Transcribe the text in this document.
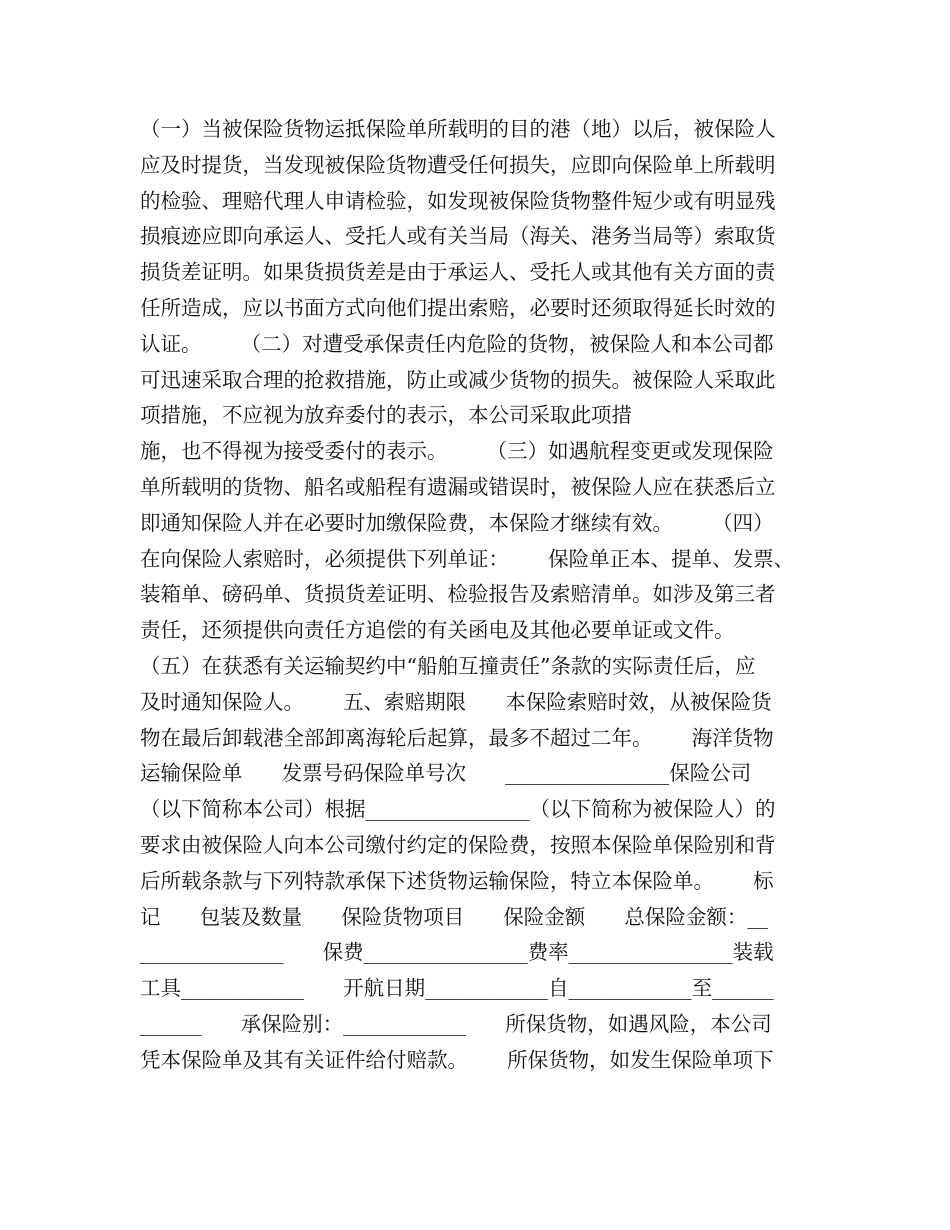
（一）当被保险货物运抵保险单所载明的目的港（地）以后，被保险人
应及时提货，当发现被保险货物遭受任何损失，应即向保险单上所载明
的检验、理赔代理人申请检验，如发现被保险货物整件短少或有明显残
损痕迹应即向承运人、受托人或有关当局（海关、港务当局等）索取货
损货差证明。如果货损货差是由于承运人、受托人或其他有关方面的责
任所造成，应以书面方式向他们提出索赔，必要时还须取得延长时效的
认证。      （二）对遭受承保责任内危险的货物，被保险人和本公司都
可迅速采取合理的抢救措施，防止或减少货物的损失。被保险人采取此
项措施，不应视为放弃委付的表示，本公司采取此项措
施，也不得视为接受委付的表示。      （三）如遇航程变更或发现保险
单所载明的货物、船名或船程有遗漏或错误时，被保险人应在获悉后立
即通知保险人并在必要时加缴保险费，本保险才继续有效。      （四）
在向保险人索赔时，必须提供下列单证：      保险单正本、提单、发票、
装箱单、磅码单、货损货差证明、检验报告及索赔清单。如涉及第三者
责任，还须提供向责任方追偿的有关函电及其他必要单证或文件。
（五）在获悉有关运输契约中“船舶互撞责任”条款的实际责任后，应
及时通知保险人。      五、索赔期限      本保险索赔时效，从被保险货
物在最后卸载港全部卸离海轮后起算，最多不超过二年。      海洋货物
运输保险单      发票号码保险单号次      ________________保险公司
（以下简称本公司）根据________________（以下简称为被保险人）的
要求由被保险人向本公司缴付约定的保险费，按照本保险单保险别和背
后所载条款与下列特款承保下述货物运输保险，特立本保险单。      标
记      包装及数量      保险货物项目      保险金额      总保险金额：__
______________      保费________________费率________________装载
工具____________      开航日期____________自____________至______
______      承保险别：____________      所保货物，如遇风险，本公司
凭本保险单及其有关证件给付赔款。      所保货物，如发生保险单项下
